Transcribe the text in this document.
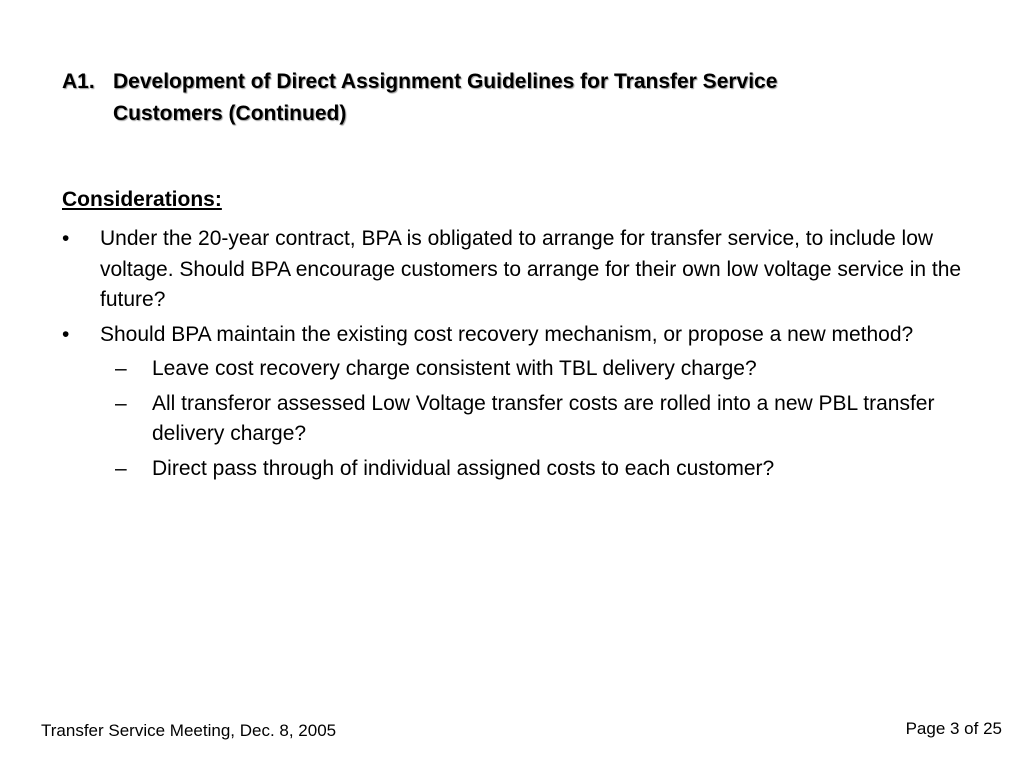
A1. Development of Direct Assignment Guidelines for Transfer Service
Customers (Continued)
Considerations:
• Under the 20-year contract, BPA is obligated to arrange for transfer service, to include low voltage. Should BPA encourage customers to arrange for their own low voltage service in the future?
• Should BPA maintain the existing cost recovery mechanism, or propose a new method?
– Leave cost recovery charge consistent with TBL delivery charge?
– All transferor assessed Low Voltage transfer costs are rolled into a new PBL transfer delivery charge?
– Direct pass through of individual assigned costs to each customer?
Transfer Service Meeting, Dec. 8, 2005	Page 3 of 25
